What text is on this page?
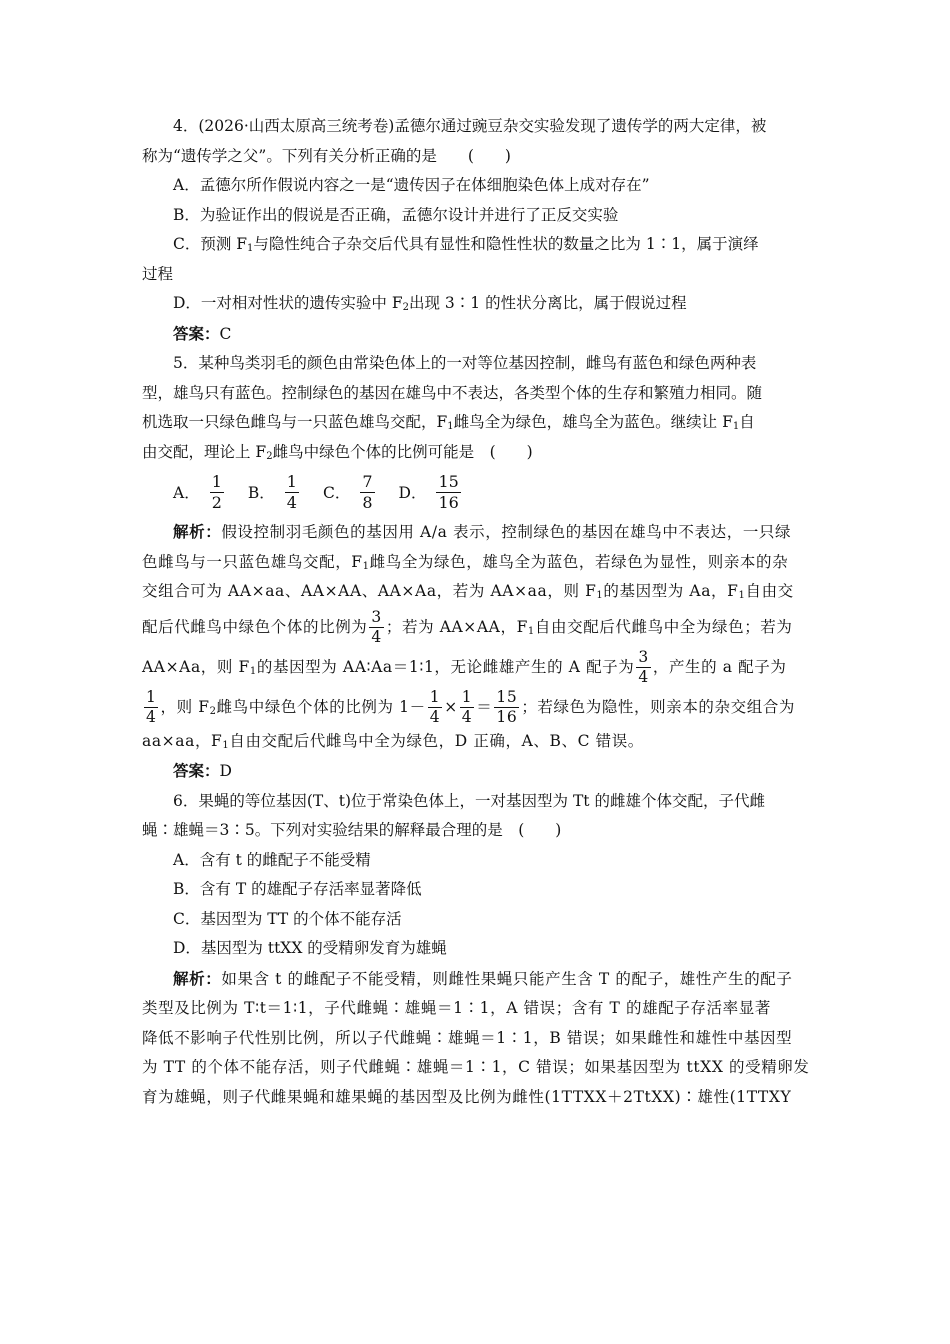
4．(2026·山西太原高三统考卷)孟德尔通过豌豆杂交实验发现了遗传学的两大定律，被

称为“遗传学之父”。下列有关分析正确的是　　(　　)

A．孟德尔所作假说内容之一是“遗传因子在体细胞染色体上成对存在”

B．为验证作出的假说是否正确，孟德尔设计并进行了正反交实验

C．预测 $F_1$与隐性纯合子杂交后代具有显性和隐性性状的数量之比为 1∶1，属于演绎

过程

D．一对相对性状的遗传实验中 $F_2$出现 3∶1 的性状分离比，属于假说过程

答案：C

5．某种鸟类羽毛的颜色由常染色体上的一对等位基因控制，雌鸟有蓝色和绿色两种表

型，雄鸟只有蓝色。控制绿色的基因在雄鸟中不表达，各类型个体的生存和繁殖力相同。随

机选取一只绿色雌鸟与一只蓝色雄鸟交配，$F_1$雌鸟全为绿色，雄鸟全为蓝色。继续让 $F_1$自

由交配，理论上 $F_2$雌鸟中绿色个体的比例可能是　(　　)

A． $\frac{1}{2}$ B． $\frac{1}{4}$ C． $\frac{7}{8}$ D． $\frac{15}{16}$

解析：假设控制羽毛颜色的基因用 A/a 表示，控制绿色的基因在雄鸟中不表达，一只绿

色雌鸟与一只蓝色雄鸟交配，$F_1$雌鸟全为绿色，雄鸟全为蓝色，若绿色为显性，则亲本的杂

交组合可为 AA×aa、AA×AA、AA×Aa，若为 AA×aa，则 $F_1$的基因型为 Aa，$F_1$自由交

配后代雌鸟中绿色个体的比例为 $\frac{3}{4}$ ；若为 AA×AA，$F_1$自由交配后代雌鸟中全为绿色；若为

AA×Aa，则 $F_1$的基因型为 AA∶Aa＝1∶1，无论雌雄产生的 A 配子为 $\frac{3}{4}$ ，产生的 a 配子为

$\frac{1}{4}$ ，则 $F_2$雌鸟中绿色个体的比例为 $1- \frac{1}{4} \times \frac{1}{4} = \frac{15}{16}$ ；若绿色为隐性，则亲本的杂交组合为

aa×aa，$F_1$自由交配后代雌鸟中全为绿色，D 正确，A、B、C 错误。

答案：D

6．果蝇的等位基因(T、t)位于常染色体上，一对基因型为 Tt 的雌雄个体交配，子代雌

蝇∶雄蝇＝3∶5。下列对实验结果的解释最合理的是　(　　)

A．含有 t 的雌配子不能受精

B．含有 T 的雄配子存活率显著降低

C．基因型为 TT 的个体不能存活

D．基因型为 ttXX 的受精卵发育为雄蝇

解析：如果含 t 的雌配子不能受精，则雌性果蝇只能产生含 T 的配子，雄性产生的配子

类型及比例为 T∶t＝1∶1，子代雌蝇∶雄蝇＝1∶1，A 错误；含有 T 的雄配子存活率显著

降低不影响子代性别比例，所以子代雌蝇∶雄蝇＝1∶1，B 错误；如果雌性和雄性中基因型

为 TT 的个体不能存活，则子代雌蝇∶雄蝇＝1∶1，C 错误；如果基因型为 ttXX 的受精卵发

育为雄蝇，则子代雌果蝇和雄果蝇的基因型及比例为雌性(1TTXX＋2TtXX)∶雄性(1TTXY
